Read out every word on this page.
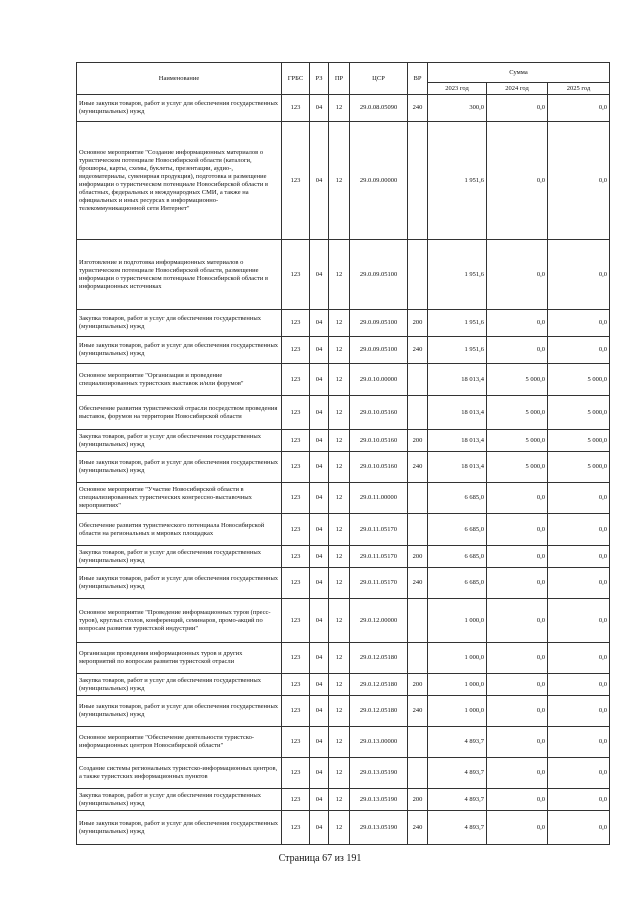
Наименование	ГРБС	РЗ	ПР	ЦСР	ВР	Сумма		
						2023 год	2024 год	2025 год
Иные закупки товаров, работ и услуг для обеспечения государственных (муниципальных) нужд	123	04	12	29.0.08.05090	240	300,0	0,0	0,0
Основное мероприятие "Создание информационных материалов о туристическом потенциале Новосибирской области (каталоги, брошюры, карты, схемы, буклеты, презентации, аудио-, видеоматериалы, сувенирная продукция), подготовка и размещение информации о туристическом потенциале Новосибирской области в областных, федеральных и международных СМИ, а также на официальных и иных ресурсах в информационно-телекоммуникационной сети Интернет"	123	04	12	29.0.09.00000		1 951,6	0,0	0,0
Изготовление и подготовка информационных материалов о туристическом потенциале Новосибирской области, размещение информации о туристическом потенциале Новосибирской области в информационных источниках	123	04	12	29.0.09.05100		1 951,6	0,0	0,0
Закупка товаров, работ и услуг для обеспечения государственных (муниципальных) нужд	123	04	12	29.0.09.05100	200	1 951,6	0,0	0,0
Иные закупки товаров, работ и услуг для обеспечения государственных (муниципальных) нужд	123	04	12	29.0.09.05100	240	1 951,6	0,0	0,0
Основное мероприятие "Организация и проведение специализированных туристских выставок и/или форумов"	123	04	12	29.0.10.00000		18 013,4	5 000,0	5 000,0
Обеспечение развития туристической отрасли посредством проведения выставок, форумов на территории Новосибирской области	123	04	12	29.0.10.05160		18 013,4	5 000,0	5 000,0
Закупка товаров, работ и услуг для обеспечения государственных (муниципальных) нужд	123	04	12	29.0.10.05160	200	18 013,4	5 000,0	5 000,0
Иные закупки товаров, работ и услуг для обеспечения государственных (муниципальных) нужд	123	04	12	29.0.10.05160	240	18 013,4	5 000,0	5 000,0
Основное мероприятие "Участие Новосибирской области в специализированных туристических конгрессно-выставочных мероприятиях"	123	04	12	29.0.11.00000		6 685,0	0,0	0,0
Обеспечение развития туристического потенциала Новосибирской области на региональных и мировых площадках	123	04	12	29.0.11.05170		6 685,0	0,0	0,0
Закупка товаров, работ и услуг для обеспечения государственных (муниципальных) нужд	123	04	12	29.0.11.05170	200	6 685,0	0,0	0,0
Иные закупки товаров, работ и услуг для обеспечения государственных (муниципальных) нужд	123	04	12	29.0.11.05170	240	6 685,0	0,0	0,0
Основное мероприятие "Проведение информационных туров (пресс-туров), круглых столов, конференций, семинаров, промо-акций по вопросам развития туристской индустрии"	123	04	12	29.0.12.00000		1 000,0	0,0	0,0
Организация проведения информационных туров и других мероприятий по вопросам развития туристской отрасли	123	04	12	29.0.12.05180		1 000,0	0,0	0,0
Закупка товаров, работ и услуг для обеспечения государственных (муниципальных) нужд	123	04	12	29.0.12.05180	200	1 000,0	0,0	0,0
Иные закупки товаров, работ и услуг для обеспечения государственных (муниципальных) нужд	123	04	12	29.0.12.05180	240	1 000,0	0,0	0,0
Основное мероприятие "Обеспечение деятельности туристско-информационных центров Новосибирской области"	123	04	12	29.0.13.00000		4 893,7	0,0	0,0
Создание системы региональных туристско-информационных центров, а также туристских информационных пунктов	123	04	12	29.0.13.05190		4 893,7	0,0	0,0
Закупка товаров, работ и услуг для обеспечения государственных (муниципальных) нужд	123	04	12	29.0.13.05190	200	4 893,7	0,0	0,0
Иные закупки товаров, работ и услуг для обеспечения государственных (муниципальных) нужд	123	04	12	29.0.13.05190	240	4 893,7	0,0	0,0
Страница 67 из 191
